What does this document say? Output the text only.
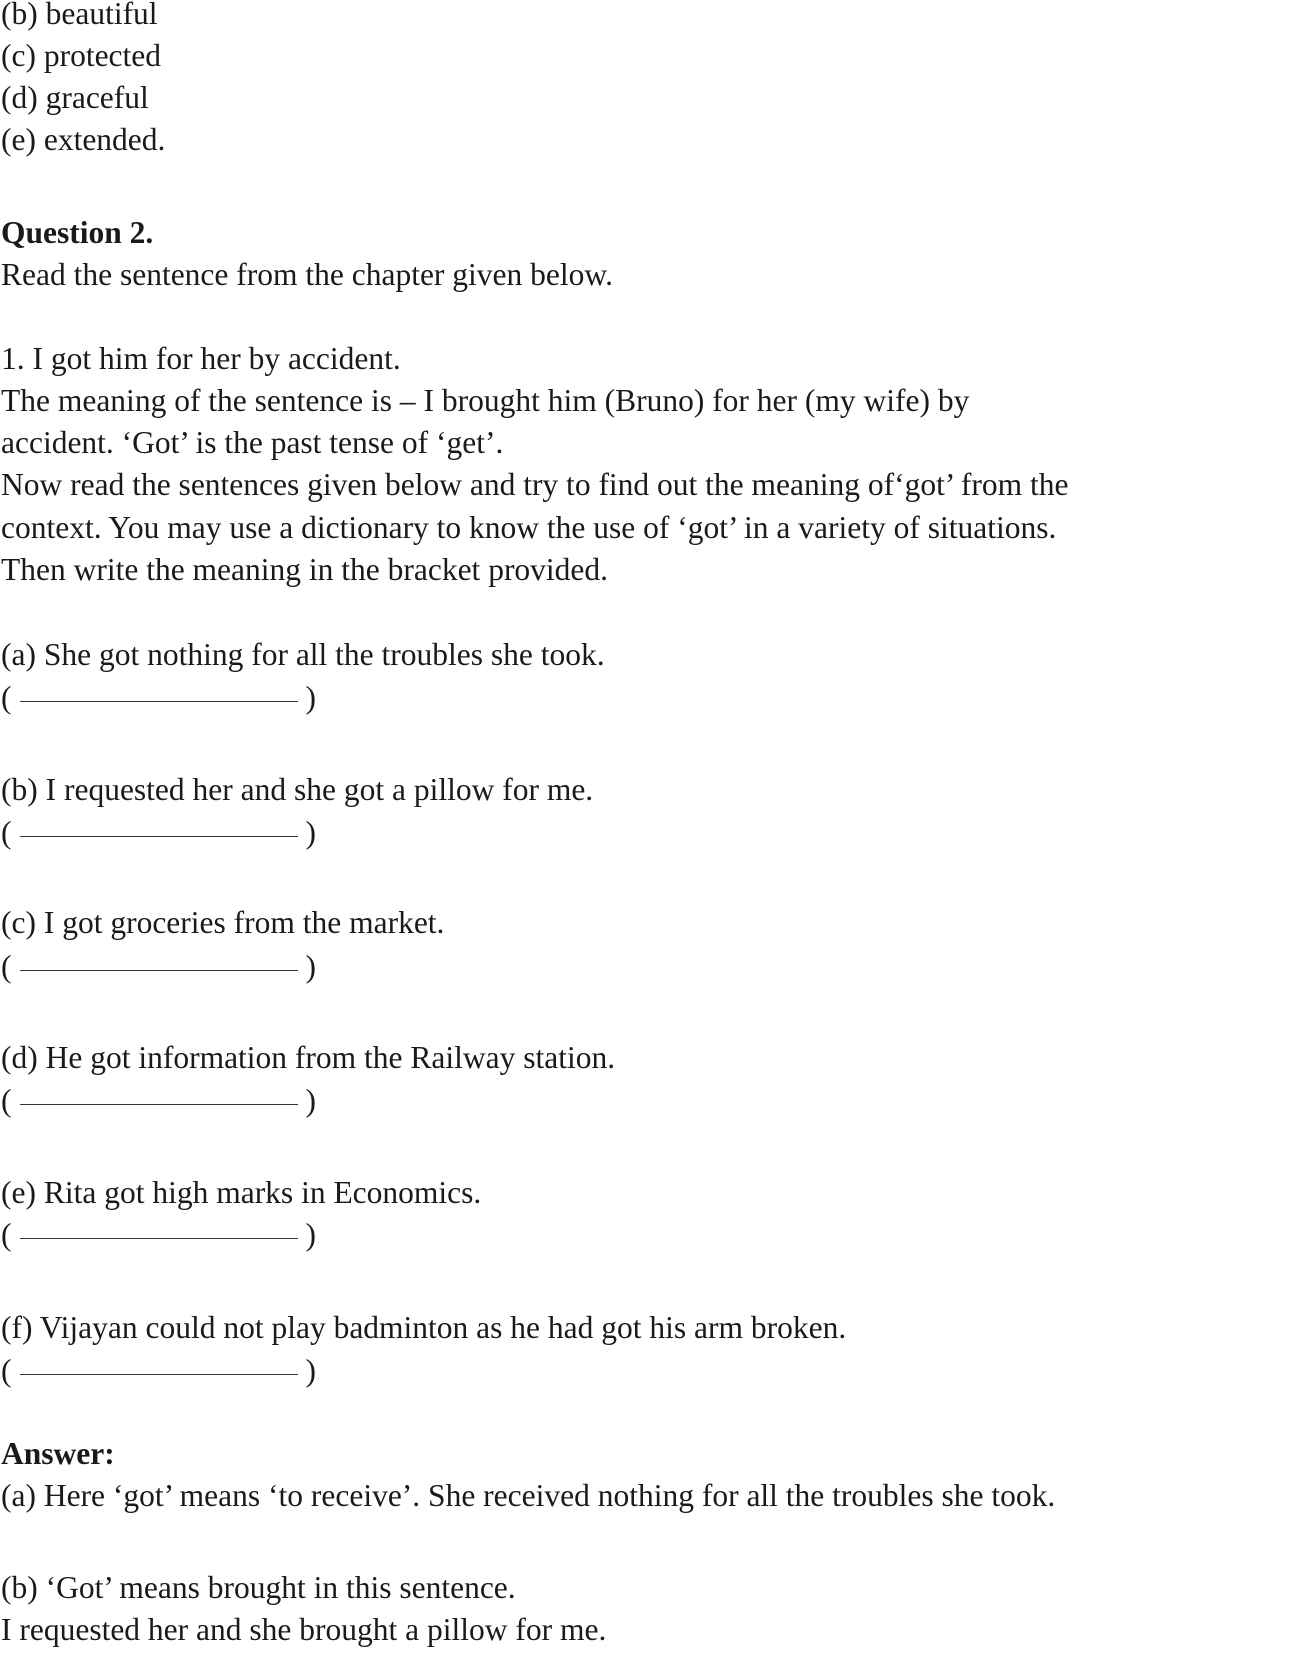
(b) beautiful
(c) protected
(d) graceful
(e) extended.
Question 2.
Read the sentence from the chapter given below.
1. I got him for her by accident.
The meaning of the sentence is – I brought him (Bruno) for her (my wife) by
accident. ‘Got’ is the past tense of ‘get’.
Now read the sentences given below and try to find out the meaning of‘got’ from the
context. You may use a dictionary to know the use of ‘got’ in a variety of situations.
Then write the meaning in the bracket provided.
(a) She got nothing for all the troubles she took.
(	)
(b) I requested her and she got a pillow for me.
(	)
(c) I got groceries from the market.
(	)
(d) He got information from the Railway station.
(	)
(e) Rita got high marks in Economics.
(	)
(f) Vijayan could not play badminton as he had got his arm broken.
(	)
Answer:
(a) Here ‘got’ means ‘to receive’. She received nothing for all the troubles she took.
(b) ‘Got’ means brought in this sentence.
I requested her and she brought a pillow for me.
